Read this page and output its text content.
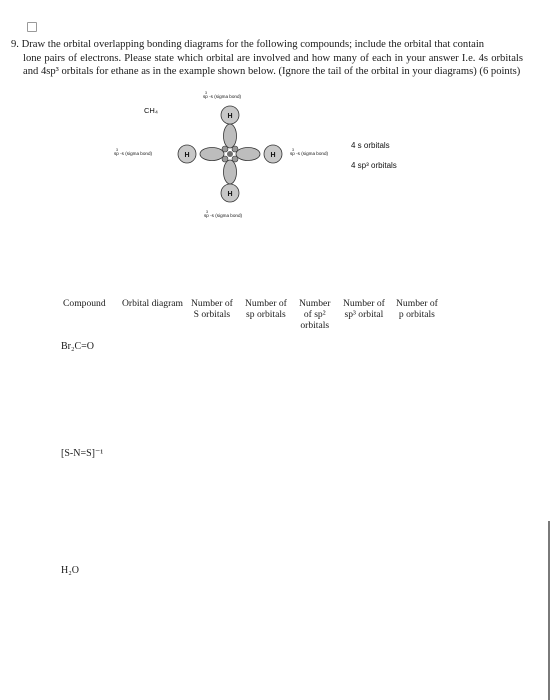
9. Draw the orbital overlapping bonding diagrams for the following compounds; include the orbital that contain
lone pairs of electrons. Please state which orbital are involved and how many of each in your answer I.e. 4s orbitals and 4sp³ orbitals for ethane as in the example shown below. (Ignore the tail of the orbital in your diagrams) (6 points)
CH₄
sp -s (sigma bond)
3
sp -s (sigma bond)
3
sp -s (sigma bond)
3
sp -s (sigma bond)
3
4 s orbitals
4 sp³ orbitals
H
H
H	H
Compound Orbital diagram Number of
S orbitals
Number of
sp orbitals
Number
of sp²
orbitals
Number of
sp³ orbital
Number of
p orbitals
Br₂C=O
[S-N=S]⁻¹
H₂O
